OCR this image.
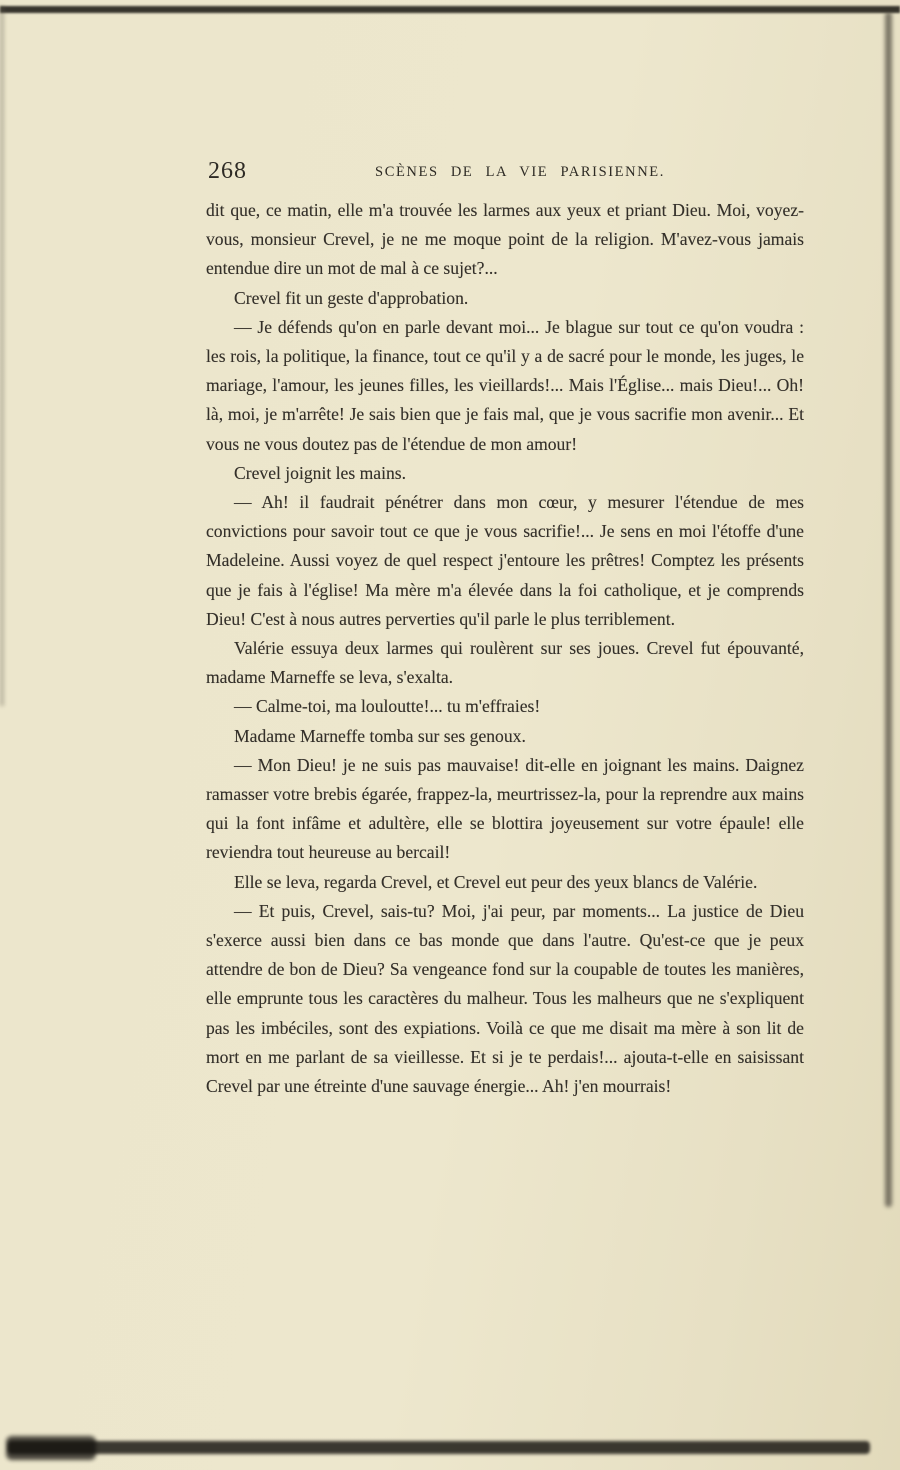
268	SCÈNES DE LA VIE PARISIENNE.

dit que, ce matin, elle m'a trouvée les larmes aux yeux et priant Dieu. Moi, voyez-vous, monsieur Crevel, je ne me moque point de la religion. M'avez-vous jamais entendue dire un mot de mal à ce sujet?...

Crevel fit un geste d'approbation.

— Je défends qu'on en parle devant moi... Je blague sur tout ce qu'on voudra : les rois, la politique, la finance, tout ce qu'il y a de sacré pour le monde, les juges, le mariage, l'amour, les jeunes filles, les vieillards!... Mais l'Église... mais Dieu!... Oh! là, moi, je m'arrête! Je sais bien que je fais mal, que je vous sacrifie mon avenir... Et vous ne vous doutez pas de l'étendue de mon amour!

Crevel joignit les mains.

— Ah! il faudrait pénétrer dans mon cœur, y mesurer l'étendue de mes convictions pour savoir tout ce que je vous sacrifie!... Je sens en moi l'étoffe d'une Madeleine. Aussi voyez de quel respect j'entoure les prêtres! Comptez les présents que je fais à l'église! Ma mère m'a élevée dans la foi catholique, et je comprends Dieu! C'est à nous autres perverties qu'il parle le plus terriblement.

Valérie essuya deux larmes qui roulèrent sur ses joues. Crevel fut épouvanté, madame Marneffe se leva, s'exalta.

— Calme-toi, ma louloutte!... tu m'effraies!

Madame Marneffe tomba sur ses genoux.

— Mon Dieu! je ne suis pas mauvaise! dit-elle en joignant les mains. Daignez ramasser votre brebis égarée, frappez-la, meurtrissez-la, pour la reprendre aux mains qui la font infâme et adultère, elle se blottira joyeusement sur votre épaule! elle reviendra tout heureuse au bercail!

Elle se leva, regarda Crevel, et Crevel eut peur des yeux blancs de Valérie.

— Et puis, Crevel, sais-tu? Moi, j'ai peur, par moments... La justice de Dieu s'exerce aussi bien dans ce bas monde que dans l'autre. Qu'est-ce que je peux attendre de bon de Dieu? Sa vengeance fond sur la coupable de toutes les manières, elle emprunte tous les caractères du malheur. Tous les malheurs que ne s'expliquent pas les imbéciles, sont des expiations. Voilà ce que me disait ma mère à son lit de mort en me parlant de sa vieillesse. Et si je te perdais!... ajouta-t-elle en saisissant Crevel par une étreinte d'une sauvage énergie... Ah! j'en mourrais!
